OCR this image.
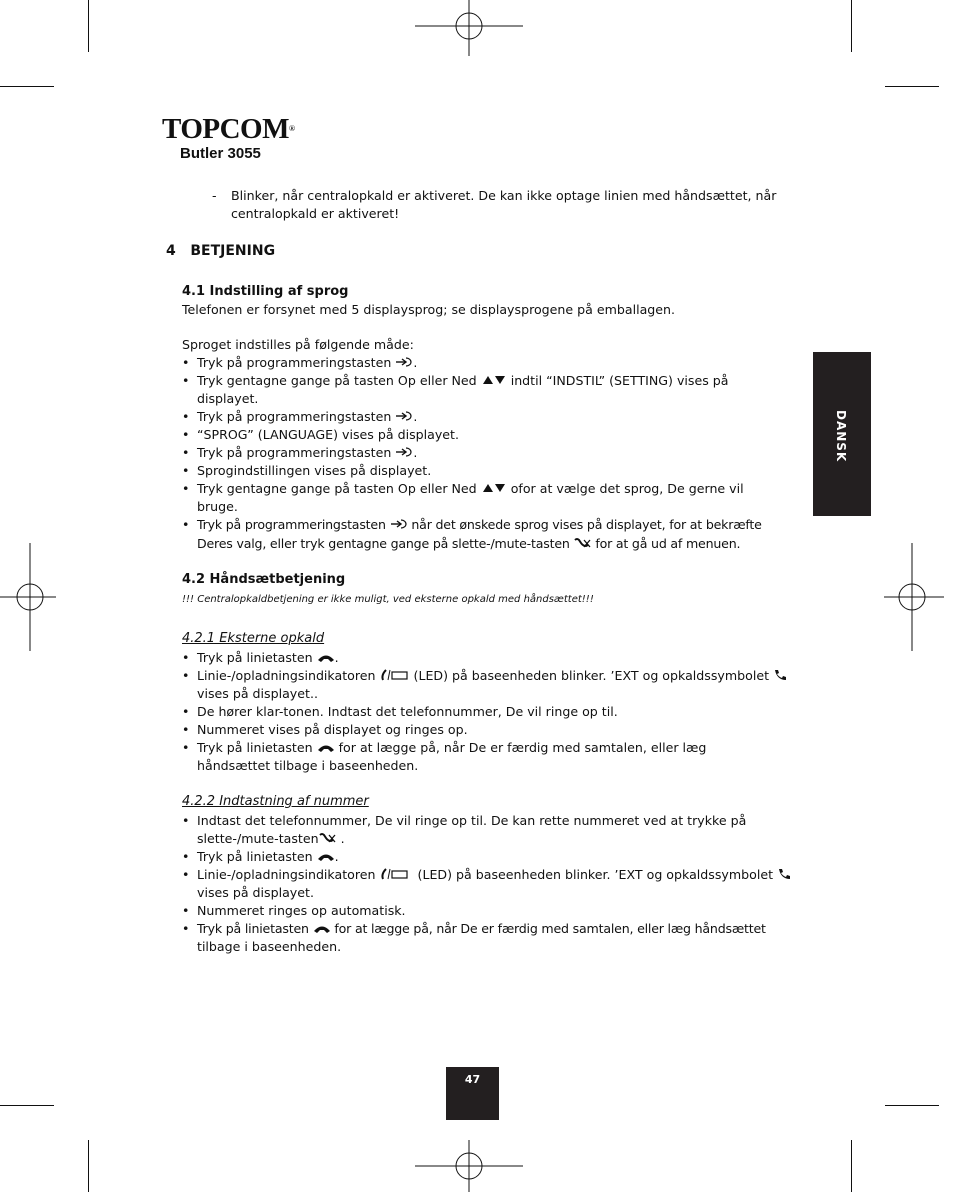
TOPCOM®
Butler 3055
- Blinker, når centralopkald er aktiveret. De kan ikke optage linien med håndsættet, når
centralopkald er aktiveret!
4 BETJENING
4.1 Indstilling af sprog
Telefonen er forsynet med 5 displaysprog; se displaysprogene på emballagen.
Sproget indstilles på følgende måde:
• Tryk på programmeringstasten .
• Tryk gentagne gange på tasten Op eller Ned	indtil “INDSTIL” (SETTING) vises på
displayet.
• Tryk på programmeringstasten .
• “SPROG” (LANGUAGE) vises på displayet.
• Tryk på programmeringstasten .
• Sprogindstillingen vises på displayet.
• Tryk gentagne gange på tasten Op eller Ned	ofor at vælge det sprog, De gerne vil
bruge.
• Tryk på programmeringstasten når det ønskede sprog vises på displayet, for at bekræfte
Deres valg, eller tryk gentagne gange på slette-/mute-tasten for at gå ud af menuen.
4.2 Håndsætbetjening
!!! Centralopkaldbetjening er ikke muligt, ved eksterne opkald med håndsættet!!!
4.2.1 Eksterne opkald
• Tryk på linietasten .
• Linie-/opladningsindikatoren	(LED) på baseenheden blinker. ’EXT og opkaldssymbolet
vises på displayet..
• De hører klar-tonen. Indtast det telefonnummer, De vil ringe op til.
• Nummeret vises på displayet og ringes op.
• Tryk på linietasten for at lægge på, når De er færdig med samtalen, eller læg
håndsættet tilbage i baseenheden.
4.2.2 Indtastning af nummer
• Indtast det telefonnummer, De vil ringe op til. De kan rette nummeret ved at trykke på
slette-/mute-tasten .
• Tryk på linietasten .
• Linie-/opladningsindikatoren	(LED) på baseenheden blinker. ’EXT og opkaldssymbolet
vises på displayet.
• Nummeret ringes op automatisk.
• Tryk på linietasten for at lægge på, når De er færdig med samtalen, eller læg håndsættet
tilbage i baseenheden.
DANSK
47
